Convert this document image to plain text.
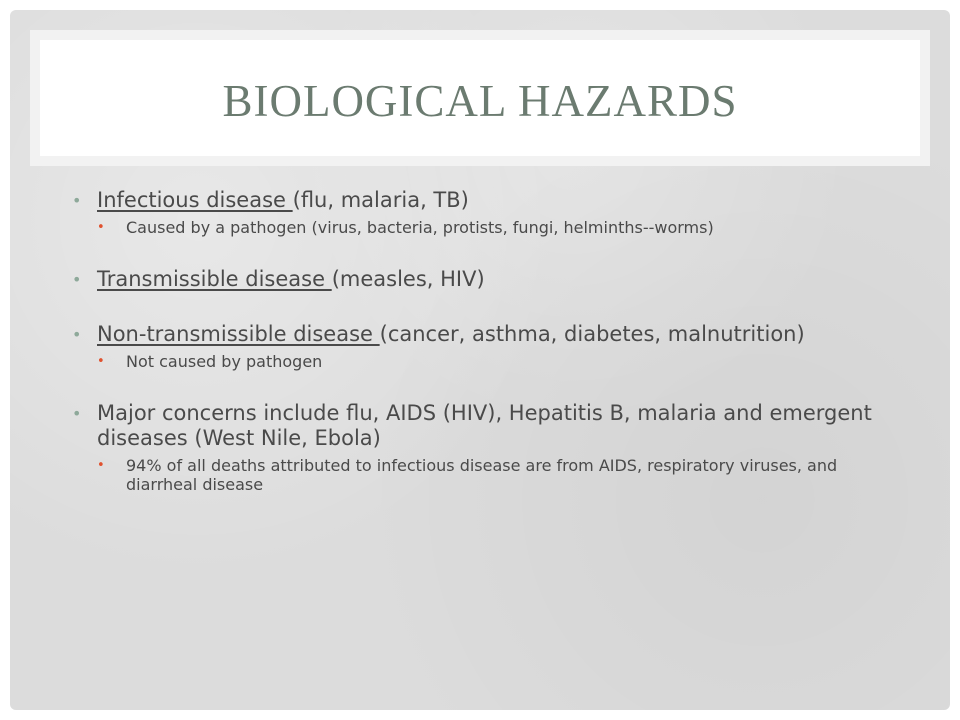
BIOLOGICAL HAZARDS
• Infectious disease (flu, malaria, TB)
• Caused by a pathogen (virus, bacteria, protists, fungi, helminths--worms)
• Transmissible disease (measles, HIV)
• Non-transmissible disease (cancer, asthma, diabetes, malnutrition)
• Not caused by pathogen
• Major concerns include flu, AIDS (HIV), Hepatitis B, malaria and emergent diseases (West Nile, Ebola)
• 94% of all deaths attributed to infectious disease are from AIDS, respiratory viruses, and diarrheal disease
